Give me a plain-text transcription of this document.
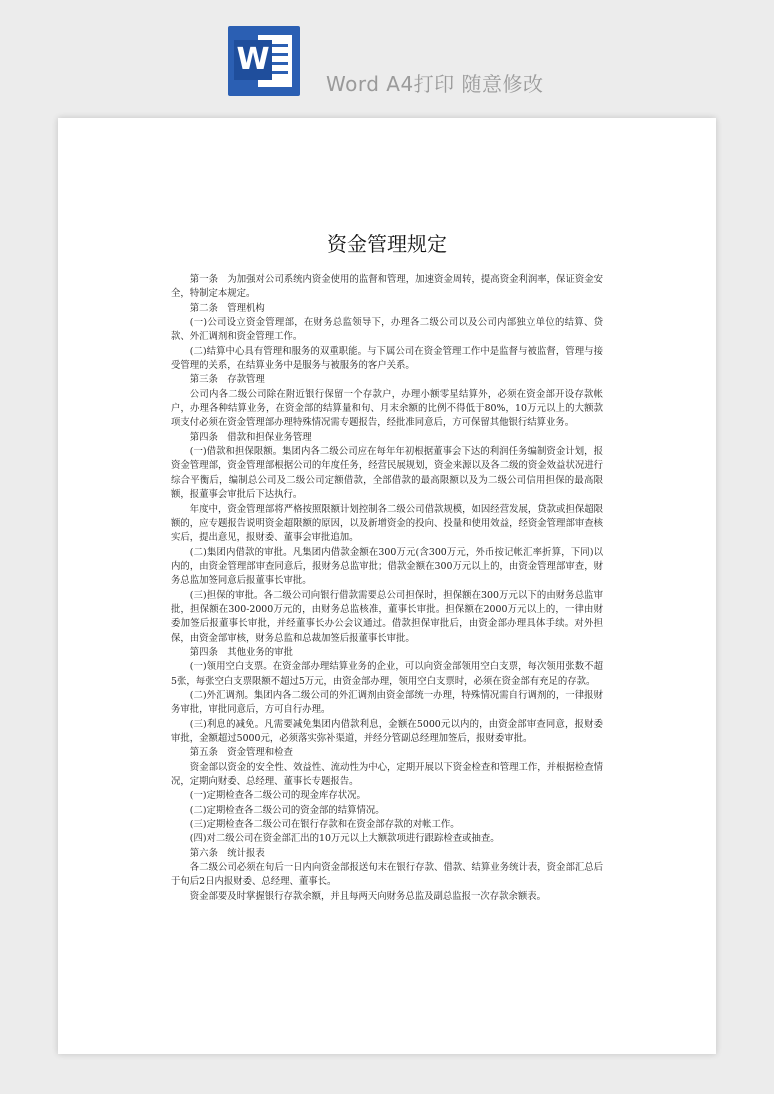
W
Word A4打印 随意修改
资金管理规定

第一条　为加强对公司系统内资金使用的监督和管理，加速资金周转，提高资金利润率，保证资金安全，特制定本规定。

第二条　管理机构

(一)公司设立资金管理部，在财务总监领导下，办理各二级公司以及公司内部独立单位的结算、贷款、外汇调剂和资金管理工作。

(二)结算中心具有管理和服务的双重职能。与下属公司在资金管理工作中是监督与被监督，管理与接受管理的关系，在结算业务中是服务与被服务的客户关系。

第三条　存款管理

公司内各二级公司除在附近银行保留一个存款户，办理小额零星结算外，必须在资金部开设存款帐户，办理各种结算业务，在资金部的结算量和旬、月末余额的比例不得低于80%，10万元以上的大额款项支付必须在资金管理部办理特殊情况需专题报告，经批准同意后，方可保留其他银行结算业务。

第四条　借款和担保业务管理

(一)借款和担保限额。集团内各二级公司应在每年年初根据董事会下达的利润任务编制资金计划，报资金管理部，资金管理部根据公司的年度任务，经营民展规划，资金来源以及各二级的资金效益状况进行综合平衡后，编制总公司及二级公司定额借款，全部借款的最高限额以及为二级公司信用担保的最高限额，报董事会审批后下达执行。

年度中，资金管理部将严格按照限额计划控制各二级公司借款规模，如因经营发展，贷款或担保超限额的，应专题报告说明资金超限额的原因，以及新增资金的投向、投量和使用效益，经资金管理部审查核实后，提出意见，报财委、董事会审批追加。

(二)集团内借款的审批。凡集团内借款金额在300万元(含300万元，外币按记帐汇率折算，下同)以内的，由资金管理部审查同意后，报财务总监审批；借款金额在300万元以上的，由资金管理部审查，财务总监加签同意后报董事长审批。

(三)担保的审批。各二级公司向银行借款需要总公司担保时，担保额在300万元以下的由财务总监审批，担保额在300-2000万元的，由财务总监核准，董事长审批。担保额在2000万元以上的，一律由财委加签后报董事长审批，并经董事长办公会议通过。借款担保审批后，由资金部办理具体手续。对外担保，由资金部审核，财务总监和总裁加签后报董事长审批。

第四条　其他业务的审批

(一)领用空白支票。在资金部办理结算业务的企业，可以向资金部领用空白支票，每次领用张数不超5张，每张空白支票限额不超过5万元，由资金部办理，领用空白支票时，必须在资金部有充足的存款。

(二)外汇调剂。集团内各二级公司的外汇调剂由资金部统一办理，特殊情况需自行调剂的，一律报财务审批，审批同意后，方可自行办理。

(三)利息的减免。凡需要减免集团内借款利息，金额在5000元以内的，由资金部审查同意，报财委审批，金额超过5000元，必须落实弥补渠道，并经分管副总经理加签后，报财委审批。

第五条　资金管理和检查

资金部以资金的安全性、效益性、流动性为中心，定期开展以下资金检查和管理工作，并根据检查情况，定期向财委、总经理、董事长专题报告。

(一)定期检查各二级公司的现金库存状况。

(二)定期检查各二级公司的资金部的结算情况。

(三)定期检查各二级公司在银行存款和在资金部存款的对帐工作。

(四)对二级公司在资金部汇出的10万元以上大额款项进行跟踪检查或抽查。

第六条　统计报表

各二级公司必须在旬后一日内向资金部报送旬末在银行存款、借款、结算业务统计表，资金部汇总后于旬后2日内报财委、总经理、董事长。

资金部要及时掌握银行存款余额，并且每两天向财务总监及副总监报一次存款余额表。
